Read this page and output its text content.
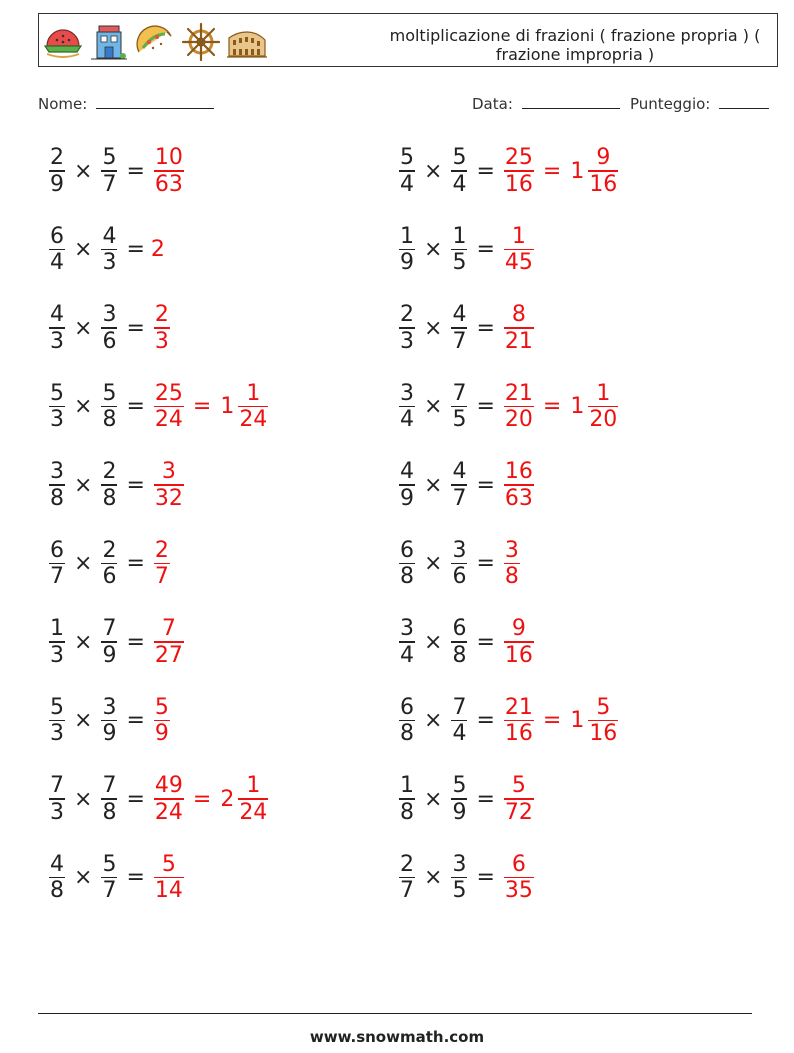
moltiplicazione di frazioni ( frazione propria ) ( frazione impropria )
Nome:	Data:	Punteggio:
$\frac{2}{9} \times \frac{5}{7} = \frac{10}{63}$	$\frac{5}{4} \times \frac{5}{4} = \frac{25}{16} = 1 \frac{9}{16}$
$\frac{6}{4} \times \frac{4}{3} = 2$	$\frac{1}{9} \times \frac{1}{5} = \frac{1}{45}$
$\frac{4}{3} \times \frac{3}{6} = \frac{2}{3}$	$\frac{2}{3} \times \frac{4}{7} = \frac{8}{21}$
$\frac{5}{3} \times \frac{5}{8} = \frac{25}{24} = 1 \frac{1}{24}$	$\frac{3}{4} \times \frac{7}{5} = \frac{21}{20} = 1 \frac{1}{20}$
$\frac{3}{8} \times \frac{2}{8} = \frac{3}{32}$	$\frac{4}{9} \times \frac{4}{7} = \frac{16}{63}$
$\frac{6}{7} \times \frac{2}{6} = \frac{2}{7}$	$\frac{6}{8} \times \frac{3}{6} = \frac{3}{8}$
$\frac{1}{3} \times \frac{7}{9} = \frac{7}{27}$	$\frac{3}{4} \times \frac{6}{8} = \frac{9}{16}$
$\frac{5}{3} \times \frac{3}{9} = \frac{5}{9}$	$\frac{6}{8} \times \frac{7}{4} = \frac{21}{16} = 1 \frac{5}{16}$
$\frac{7}{3} \times \frac{7}{8} = \frac{49}{24} = 2 \frac{1}{24}$	$\frac{1}{8} \times \frac{5}{9} = \frac{5}{72}$
$\frac{4}{8} \times \frac{5}{7} = \frac{5}{14}$	$\frac{2}{7} \times \frac{3}{5} = \frac{6}{35}$
www.snowmath.com
